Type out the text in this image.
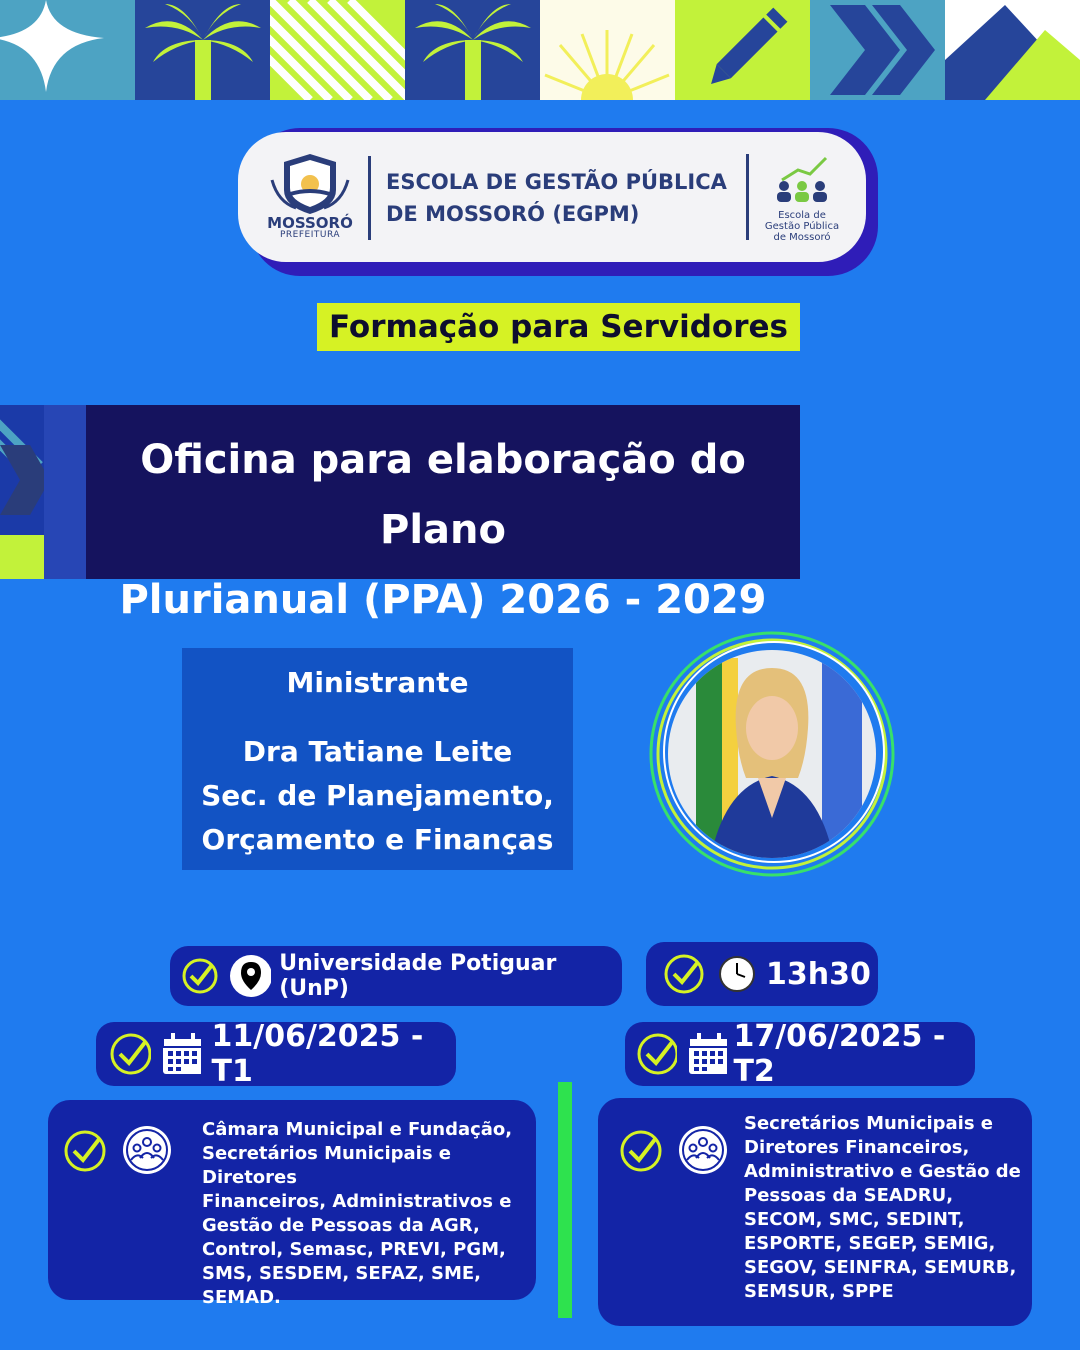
MOSSORÓ
PREFEITURA
ESCOLA DE GESTÃO PÚBLICA
DE MOSSORÓ (EGPM)	Escola de
Gestão Pública
de Mossoró
Formação para Servidores
Oficina para elaboração do Plano
Plurianual (PPA) 2026 - 2029
Ministrante
Dra Tatiane Leite
Sec. de Planejamento,
Orçamento e Finanças
Universidade Potiguar (UnP)	13h30
11/06/2025 - T1
17/06/2025 - T2
Câmara Municipal e Fundação,
Secretários Municipais e Diretores
Financeiros, Administrativos e
Gestão de Pessoas da AGR,
Control, Semasc, PREVI, PGM,
SMS, SESDEM, SEFAZ, SME,
SEMAD.
Secretários Municipais e
Diretores Financeiros,
Administrativo e Gestão de
Pessoas da SEADRU,
SECOM, SMC, SEDINT,
ESPORTE, SEGEP, SEMIG,
SEGOV, SEINFRA, SEMURB,
SEMSUR, SPPE
